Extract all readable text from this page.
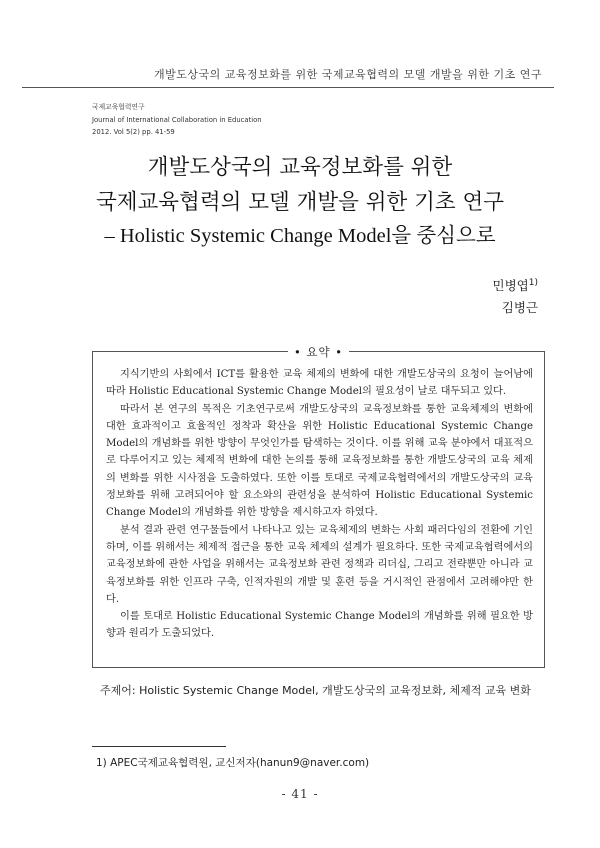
개발도상국의 교육정보화를 위한 국제교육협력의 모델 개발을 위한 기초 연구
국제교육협력연구
Journal of International Collaboration in Education
2012. Vol 5(2) pp. 41-59
개발도상국의 교육정보화를 위한
국제교육협력의 모델 개발을 위한 기초 연구
– Holistic Systemic Change Model을 중심으로
민병엽$^{1)}$
김병근
• 요약 •

지식기반의 사회에서 ICT를 활용한 교육 체제의 변화에 대한 개발도상국의 요청이 늘어남에 따라 Holistic Educational Systemic Change Model의 필요성이 날로 대두되고 있다.

따라서 본 연구의 목적은 기초연구로써 개발도상국의 교육정보화를 통한 교육체제의 변화에 대한 효과적이고 효율적인 정착과 확산을 위한 Holistic Educational Systemic Change Model의 개념화를 위한 방향이 무엇인가를 탐색하는 것이다. 이를 위해 교육 분야에서 대표적으로 다루어지고 있는 체제적 변화에 대한 논의를 통해 교육정보화를 통한 개발도상국의 교육 체제의 변화를 위한 시사점을 도출하였다. 또한 이를 토대로 국제교육협력에서의 개발도상국의 교육정보화를 위해 고려되어야 할 요소와의 관련성을 분석하여 Holistic Educational Systemic Change Model의 개념화를 위한 방향을 제시하고자 하였다.

분석 결과 관련 연구물들에서 나타나고 있는 교육체제의 변화는 사회 패러다임의 전환에 기인하며, 이를 위해서는 체제적 접근을 통한 교육 체제의 설계가 필요하다. 또한 국제교육협력에서의 교육정보화에 관한 사업을 위해서는 교육정보화 관련 정책과 리더십, 그리고 전략뿐만 아니라 교육정보화를 위한 인프라 구축, 인적자원의 개발 및 훈련 등을 거시적인 관점에서 고려해야만 한다.

이를 토대로 Holistic Educational Systemic Change Model의 개념화를 위해 필요한 방향과 원리가 도출되었다.

주제어: Holistic Systemic Change Model, 개발도상국의 교육정보화, 체제적 교육 변화
1) APEC국제교육협력원, 교신저자(hanun9@naver.com)
- 41 -
